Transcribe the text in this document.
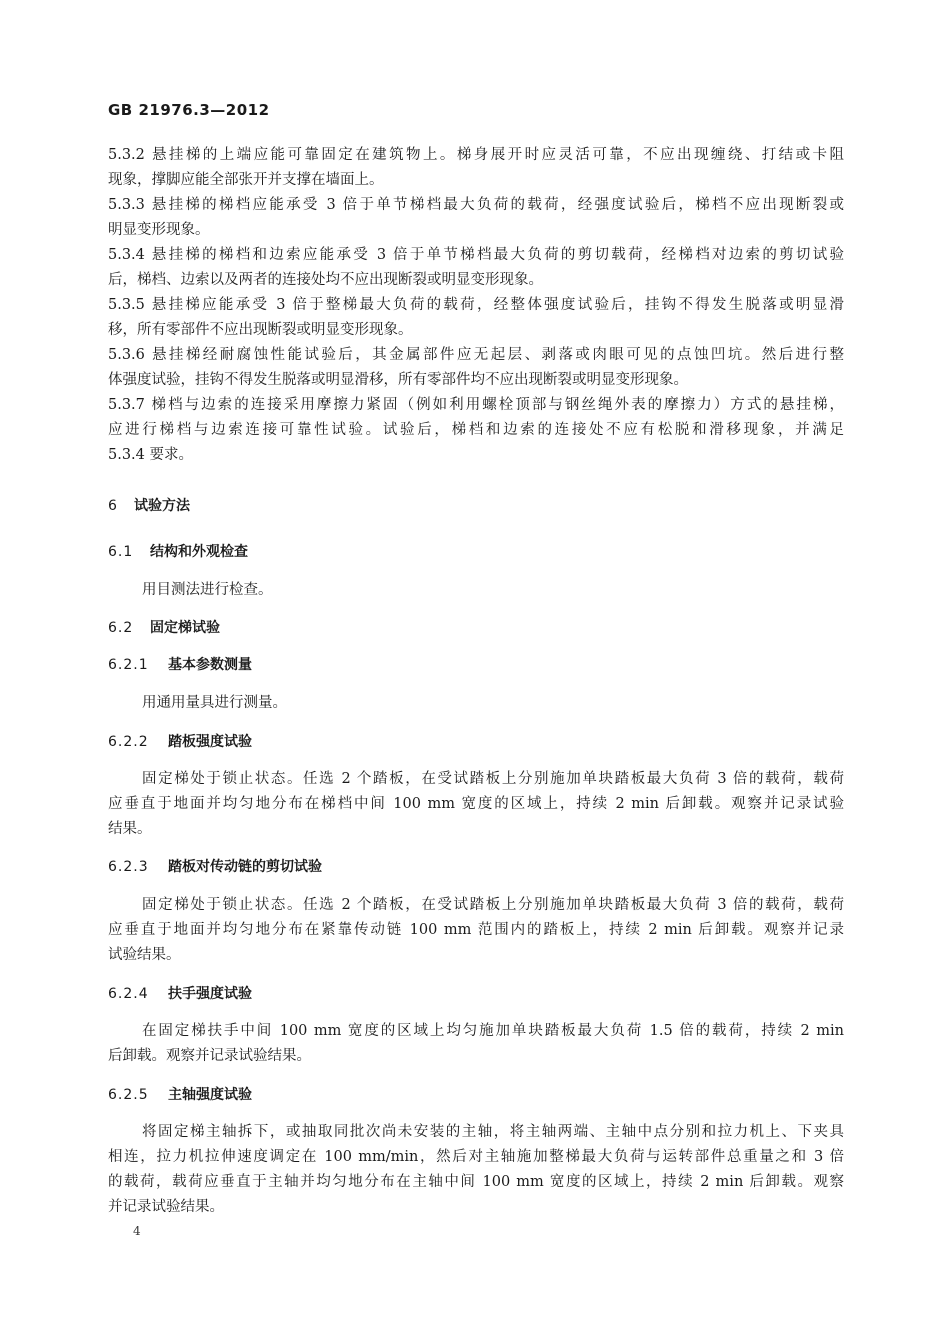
GB 21976.3—2012
5.3.2 悬挂梯的上端应能可靠固定在建筑物上。梯身展开时应灵活可靠，不应出现缠绕、打结或卡阻
现象，撑脚应能全部张开并支撑在墙面上。
5.3.3 悬挂梯的梯档应能承受 3 倍于单节梯档最大负荷的载荷，经强度试验后，梯档不应出现断裂或
明显变形现象。
5.3.4 悬挂梯的梯档和边索应能承受 3 倍于单节梯档最大负荷的剪切载荷，经梯档对边索的剪切试验
后，梯档、边索以及两者的连接处均不应出现断裂或明显变形现象。
5.3.5 悬挂梯应能承受 3 倍于整梯最大负荷的载荷，经整体强度试验后，挂钩不得发生脱落或明显滑
移，所有零部件不应出现断裂或明显变形现象。
5.3.6 悬挂梯经耐腐蚀性能试验后，其金属部件应无起层、剥落或肉眼可见的点蚀凹坑。然后进行整
体强度试验，挂钩不得发生脱落或明显滑移，所有零部件均不应出现断裂或明显变形现象。
5.3.7 梯档与边索的连接采用摩擦力紧固（例如利用螺栓顶部与钢丝绳外表的摩擦力）方式的悬挂梯，
应进行梯档与边索连接可靠性试验。试验后，梯档和边索的连接处不应有松脱和滑移现象，并满足
5.3.4 要求。
6 试验方法
6.1 结构和外观检查
用目测法进行检查。
6.2 固定梯试验
6.2.1 基本参数测量
用通用量具进行测量。
6.2.2 踏板强度试验
固定梯处于锁止状态。任选 2 个踏板，在受试踏板上分别施加单块踏板最大负荷 3 倍的载荷，载荷
应垂直于地面并均匀地分布在梯档中间 100 mm 宽度的区域上，持续 2 min 后卸载。观察并记录试验
结果。
6.2.3 踏板对传动链的剪切试验
固定梯处于锁止状态。任选 2 个踏板，在受试踏板上分别施加单块踏板最大负荷 3 倍的载荷，载荷
应垂直于地面并均匀地分布在紧靠传动链 100 mm 范围内的踏板上，持续 2 min 后卸载。观察并记录
试验结果。
6.2.4 扶手强度试验
在固定梯扶手中间 100 mm 宽度的区域上均匀施加单块踏板最大负荷 1.5 倍的载荷，持续 2 min
后卸载。观察并记录试验结果。
6.2.5 主轴强度试验
将固定梯主轴拆下，或抽取同批次尚未安装的主轴，将主轴两端、主轴中点分别和拉力机上、下夹具
相连，拉力机拉伸速度调定在 100 mm/min，然后对主轴施加整梯最大负荷与运转部件总重量之和 3 倍
的载荷，载荷应垂直于主轴并均匀地分布在主轴中间 100 mm 宽度的区域上，持续 2 min 后卸载。观察
并记录试验结果。
4
